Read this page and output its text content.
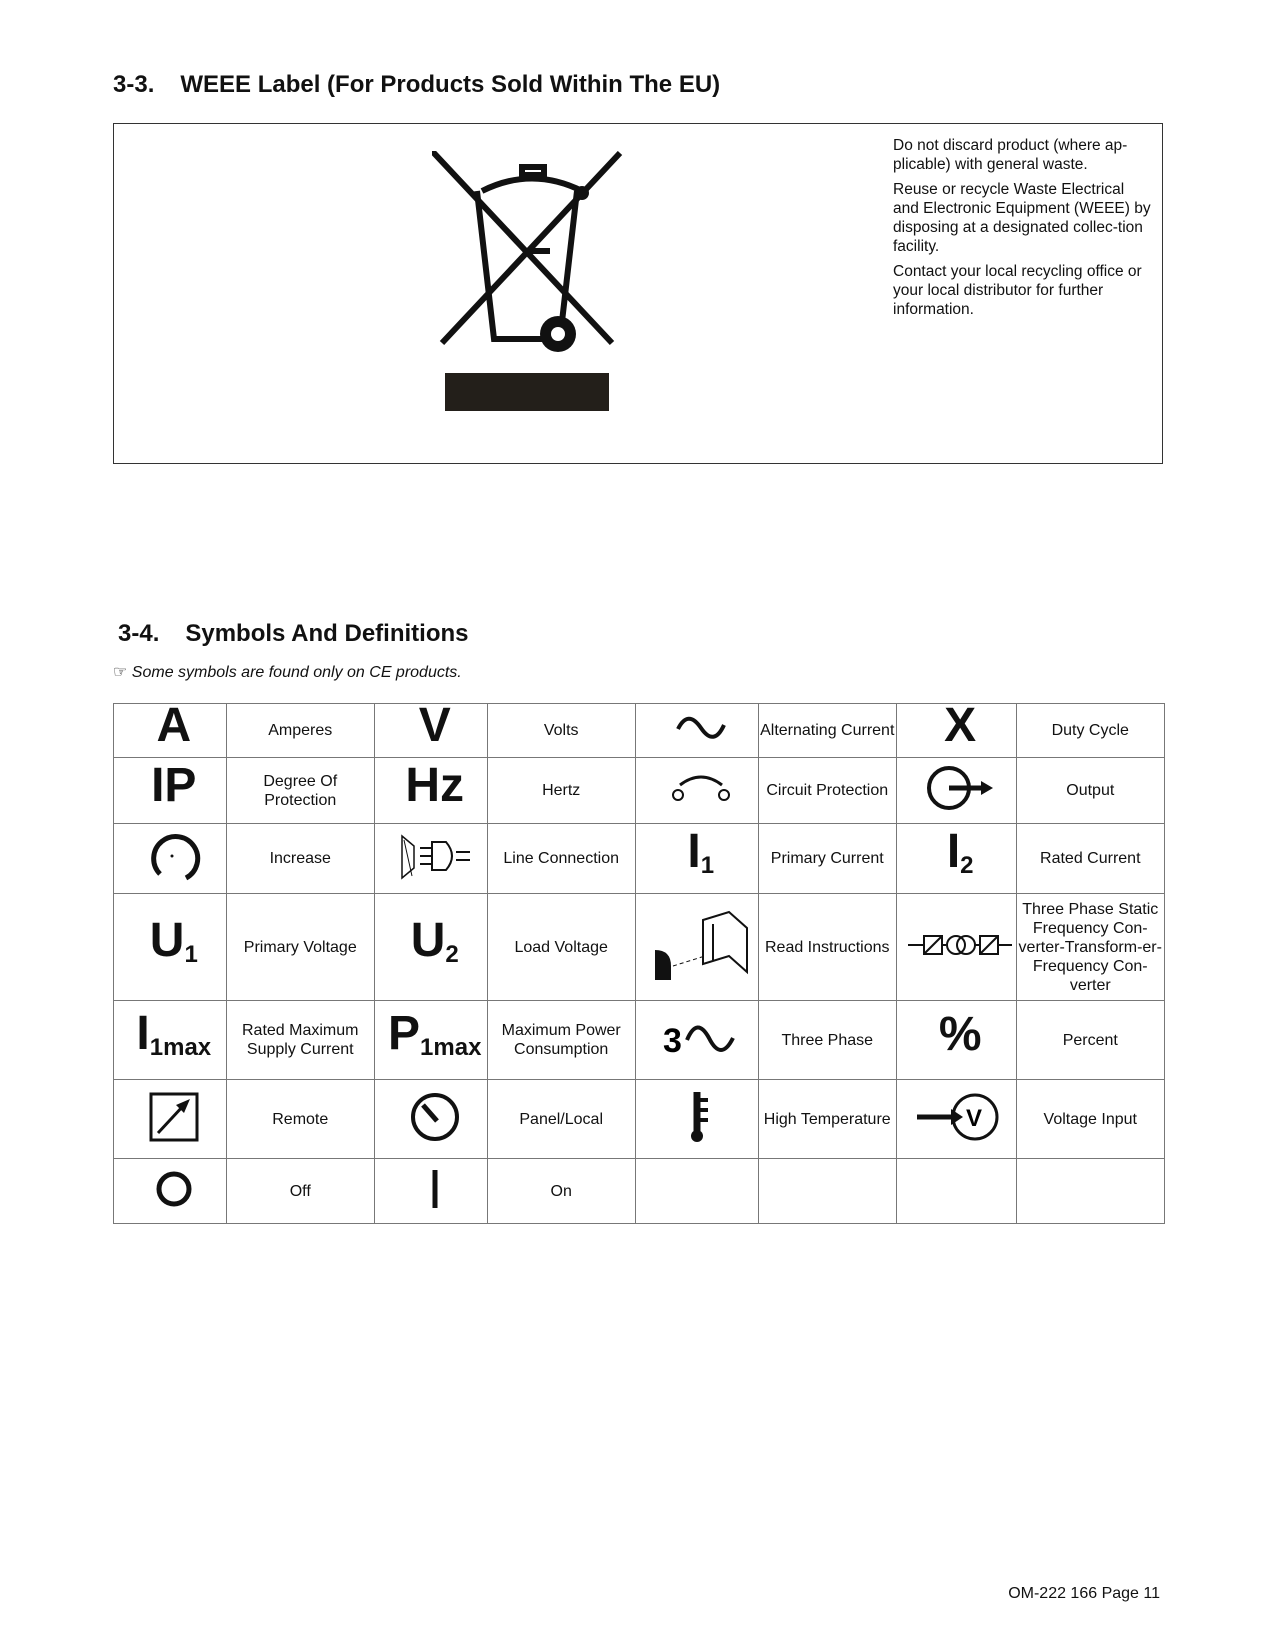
3-3. WEEE Label (For Products Sold Within The EU)

Do not discard product (where ap-plicable) with general waste.

Reuse or recycle Waste Electrical and Electronic Equipment (WEEE) by disposing at a designated collec-tion facility.

Contact your local recycling office or your local distributor for further information.

3-4. Symbols And Definitions
☞ Some symbols are found only on CE products.
A	Amperes	V	Volts		Alternating Current	X	Duty Cycle
IP	Degree Of Protection	Hz	Hertz		Circuit Protection		Output
	Increase		Line Connection	$I_1$	Primary Current	$I_2$	Rated Current
$U_1$	Primary Voltage	$U_2$	Load Voltage		Read Instructions		Three Phase Static Frequency Con-verter-Transform-er-Frequency Con-verter
$I_{1max}$	Rated Maximum Supply Current	$P_{1max}$	Maximum Power Consumption	3	Three Phase	%	Percent
	Remote		Panel/Local		High Temperature	V	Voltage Input
	Off		On				
OM-222 166 Page 11
